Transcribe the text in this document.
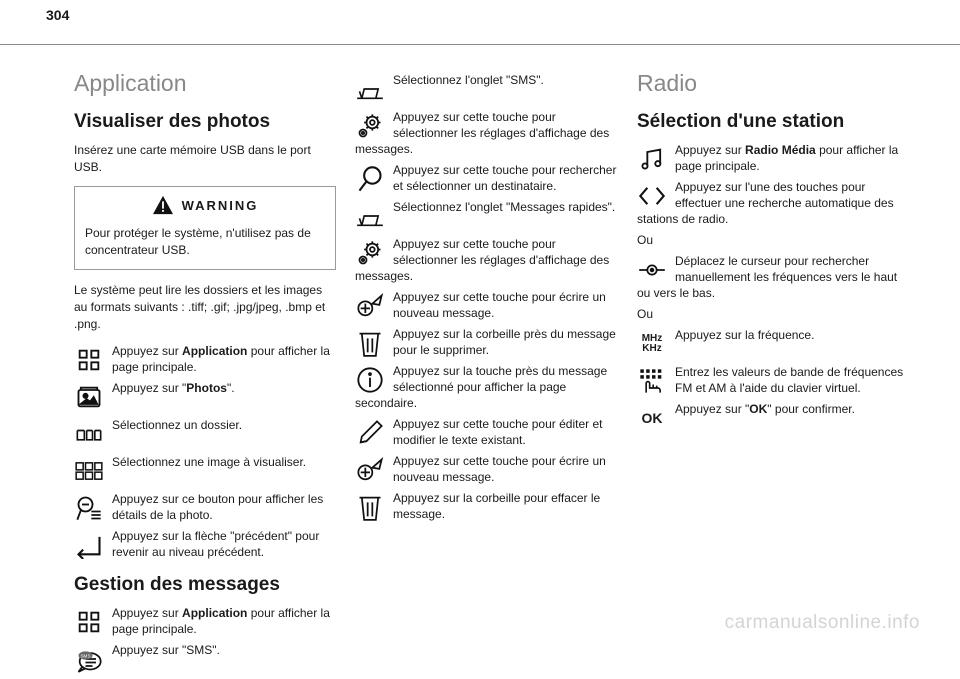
304
Application
Visualiser des photos

Insérez une carte mémoire USB dans le port USB.

WARNING

Pour protéger le système, n'utilisez pas de concentrateur USB.

Le système peut lire les dossiers et les images au formats suivants : .tiff; .gif; .jpg/jpeg, .bmp et .png.

Appuyez sur Application pour afficher la page principale.
Appuyez sur "Photos".
Sélectionnez un dossier.
Sélectionnez une image à visualiser.
Appuyez sur ce bouton pour afficher les détails de la photo.
Appuyez sur la flèche "précédent" pour revenir au niveau précédent.
Gestion des messages
Appuyez sur Application pour afficher la page principale.
SMS Appuyez sur "SMS".
Sélectionnez l'onglet "SMS".
Appuyez sur cette touche pour sélectionner les réglages d'affichage des messages.
Appuyez sur cette touche pour rechercher et sélectionner un destinataire.
Sélectionnez l'onglet "Messages rapides".
Appuyez sur cette touche pour sélectionner les réglages d'affichage des messages.
Appuyez sur cette touche pour écrire un nouveau message.
Appuyez sur la corbeille près du message pour le supprimer.
Appuyez sur la touche près du message sélectionné pour afficher la page secondaire.
Appuyez sur cette touche pour éditer et modifier le texte existant.
Appuyez sur cette touche pour écrire un nouveau message.
Appuyez sur la corbeille pour effacer le message.
Radio
Sélection d'une station
Appuyez sur Radio Média pour afficher la page principale.
Appuyez sur l'une des touches pour effectuer une recherche automatique des stations de radio.
Ou
Déplacez le curseur pour rechercher manuellement les fréquences vers le haut ou vers le bas.
Ou
MHz
KHz
Appuyez sur la fréquence.
Entrez les valeurs de bande de fréquences FM et AM à l'aide du clavier virtuel.
OK
Appuyez sur "OK" pour confirmer.
carmanualsonline.info
